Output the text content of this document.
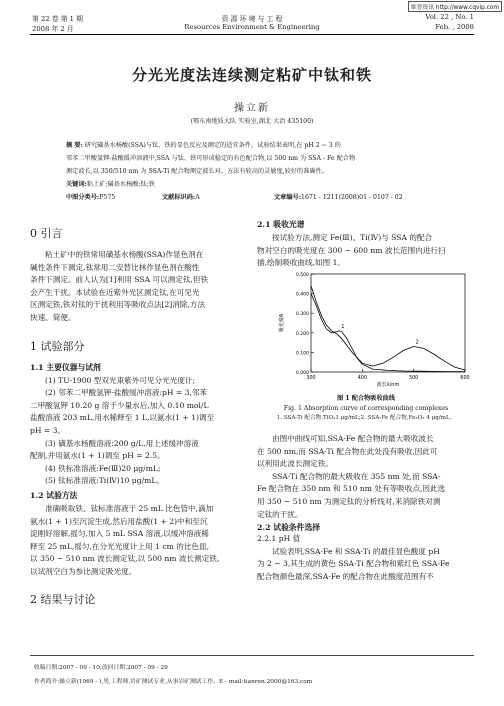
维普资讯 http://www.cqvip.com
第 22 卷 第 1 期
2008 年 2 月
资 源 环 境 与 工 程
Resources Environment & Engineering
Vol. 22 , No. 1
Feb. , 2008
分光光度法连续测定粘矿中钛和铁
操立新
(鄂东南地质大队 实验室,湖北 大冶 435100)
摘 要: 研究磺基水杨酸(SSA)与钛、铁的显色反应及测定的适宜条件。试验结果表明,在 pH 2 ~ 3 的
邻苯二甲酸氢钾-盐酸缓冲溶液中,SSA 与钛、铁可形成稳定的有色配合物,以 500 nm 为 SSA - Fe 配合物
测定波长,以 350/510 nm 为 SSA-Ti 配合物测定波长对。方法有较高的灵敏度,较好的准确性。
关键词:粘土矿;磺基水杨酸;钛;铁
中图分类号:P575	文献标识码:A	文章编号:1671 - 1211(2008)01 - 0107 - 02
0 引言
粘土矿中的铁常用磺基水杨酸(SSA)作显色剂在
碱性条件下测定,钛常用二安替比林作显色剂在酸性
条件下测定。前人认为[1]利用 SSA 可以测定钛,但铁
会产生干扰。本试验在近紫外光区测定钛,在可见光
区测定铁,铁对钛的干扰利用等吸收点法[2]消除,方法
快速、简便。
1 试验部分
1.1 主要仪器与试剂
(1) TU-1900 型双光束紫外可见分光光度计;
(2) 邻苯二甲酸氢钾-盐酸缓冲溶液:pH = 3,邻苯
二甲酸氢钾 10.20 g 溶于少量水后,加入 0.10 mol/L
盐酸溶液 203 mL,用水稀释至 1 L,以氨水(1 + 1)调至
pH = 3。
(3) 磺基水杨酸溶液:200 g/L,用上述缓冲溶液
配制,并用氨水(1 + 1)调至 pH = 2.5。
(4) 铁标准溶液:Fe(Ⅲ)20 μg/mL;
(5) 钛标准溶液:Ti(Ⅳ)10 μg/mL。
1.2 试验方法
准确吸取铁、钛标准溶液于 25 mL 比色管中,滴加
氨水(1 + 1)至沉淀生成,然后用盐酸(1 + 2)中和至沉
淀刚好溶解,摇匀,加入 5 mL SSA 溶液,以缓冲溶液稀
释至 25 mL,摇匀,在分光光度计上用 1 cm 的比色皿,
以 350 ~ 510 nm 波长测定钛,以 500 nm 波长测定铁,
以试剂空白为参比测定吸光度。
2 结果与讨论
2.1 吸收光谱
按试验方法,测定 Fe(Ⅲ)、Ti(Ⅳ)与 SSA 的配合
物对空白的吸光度在 300 ~ 600 nm 波长范围内进行扫
描,绘制吸收曲线,如图 1。
0.000
0.100
0.200
0.300
0.400
0.500
300	400	500	600
波长λ/nm
吸光度A	1
2
图 1 配合物吸收曲线
Fig. 1 Absorption curve of corresponding complexes
1. SSA-Ti 配合物,TiO₂1 μg/mL;2. SSA-Fe 配合物,Fe₂O₃ 4 μg/mL。
由图中曲线可知,SSA-Fe 配合物的最大吸收波长
在 500 nm,而 SSA-Ti 配合物在此处没有吸收,因此可
以利用此波长测定铁。
SSA-Ti 配合物的最大吸收在 355 nm 处,而 SSA-
Fe 配合物在 350 nm 和 510 nm 处有等吸收点,因此选
用 350 ~ 510 nm 为测定钛的分析线对,来消除铁对测
定钛的干扰。
2.2 试验条件选择
2.2.1 pH 值
试验表明,SSA-Fe 和 SSA-Ti 的最佳显色酸度 pH
为 2 ~ 3,其生成的黄色 SSA-Ti 配合物和紫红色 SSA-Fe
配合物颜色最深,SSA-Fe 的配合物在此酸度范围有不
收稿日期:2007 - 09 - 10;改回日期:2007 - 09 - 29
作者简介:操立新(1969 - ),男,工程师,岩矿测试专业,从事岩矿测试工作。E - mail:tianren.2000@163.com
